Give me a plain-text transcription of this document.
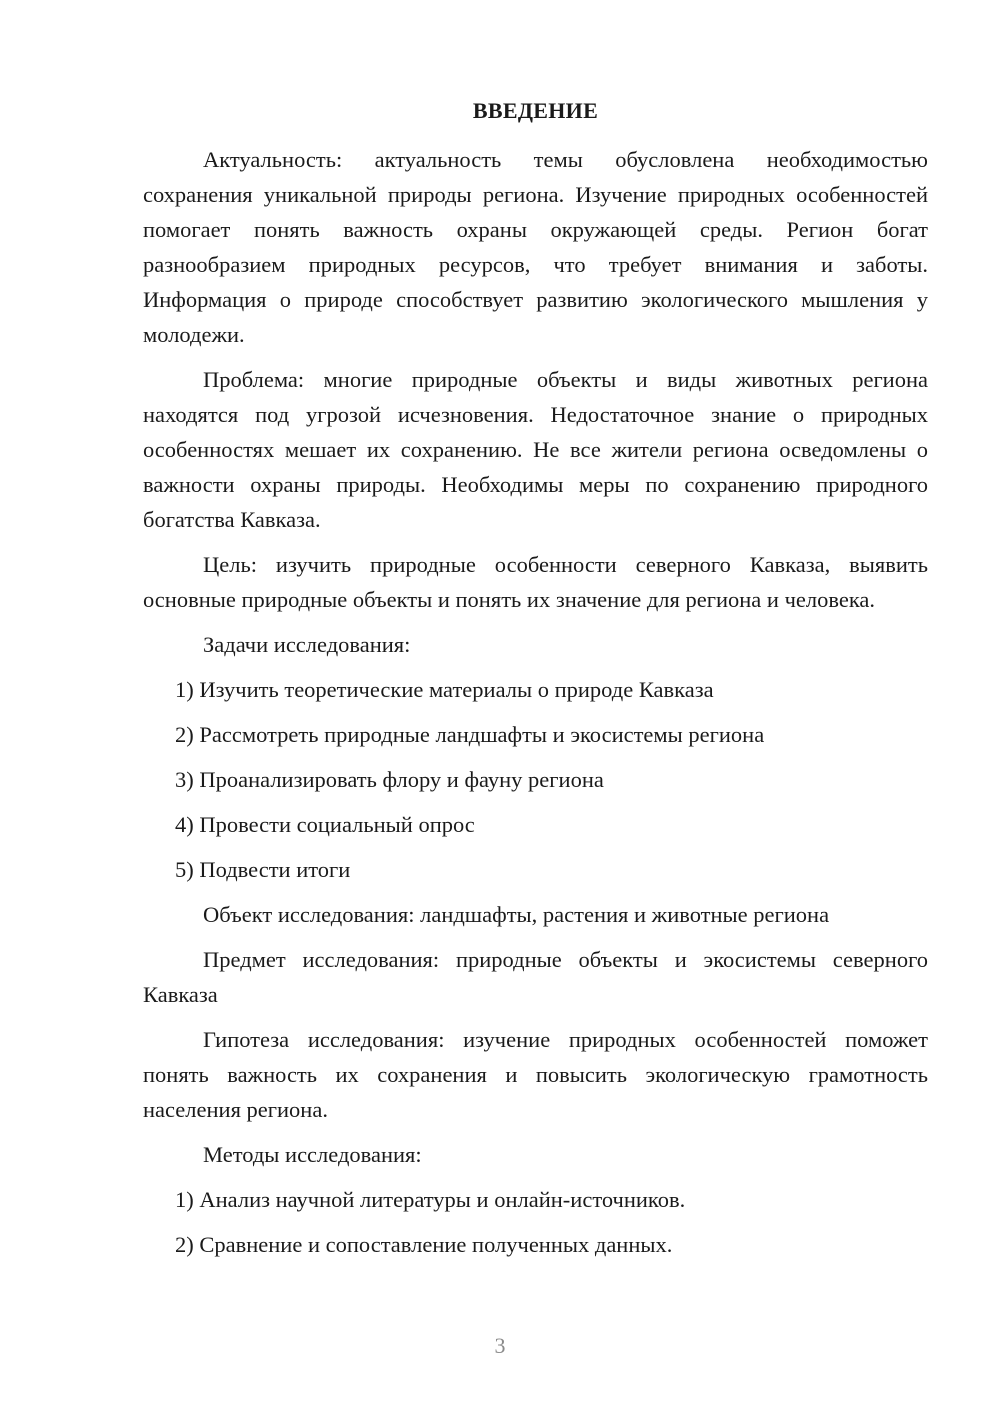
ВВЕДЕНИЕ

Актуальность: актуальность темы обусловлена необходимостью сохранения уникальной природы региона. Изучение природных особенностей помогает понять важность охраны окружающей среды. Регион богат разнообразием природных ресурсов, что требует внимания и заботы. Информация о природе способствует развитию экологического мышления у молодежи.

Проблема: многие природные объекты и виды животных региона находятся под угрозой исчезновения. Недостаточное знание о природных особенностях мешает их сохранению. Не все жители региона осведомлены о важности охраны природы. Необходимы меры по сохранению природного богатства Кавказа.

Цель: изучить природные особенности северного Кавказа, выявить основные природные объекты и понять их значение для региона и человека.

Задачи исследования:

1) Изучить теоретические материалы о природе Кавказа

2) Рассмотреть природные ландшафты и экосистемы региона

3) Проанализировать флору и фауну региона

4) Провести социальный опрос

5) Подвести итоги

Объект исследования: ландшафты, растения и животные региона

Предмет исследования: природные объекты и экосистемы северного Кавказа

Гипотеза исследования: изучение природных особенностей поможет понять важность их сохранения и повысить экологическую грамотность населения региона.

Методы исследования:

1) Анализ научной литературы и онлайн-источников.

2) Сравнение и сопоставление полученных данных.

3
